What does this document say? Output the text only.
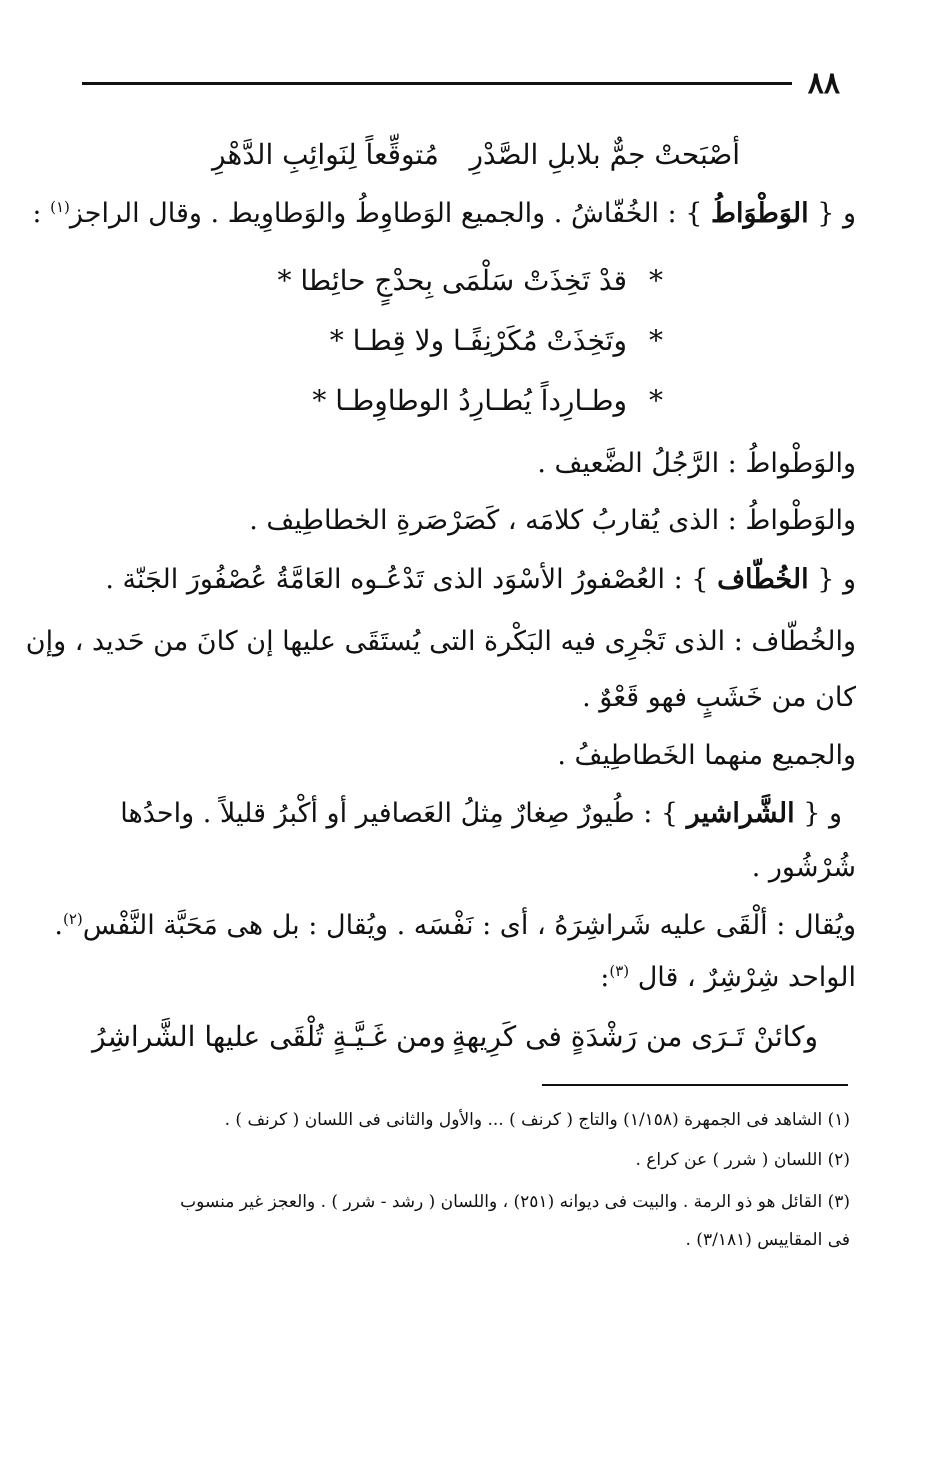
٨٨
أصْبَحتْ جمٌّ بلابلِ الصَّدْرِ
مُتوقِّعاً لِنَوائِبِ الدَّهْرِ
و { الوَطْوَاطُ } : الخُفّاشُ . والجميع الوَطاوِطُ والوَطاوِيط . وقال الراجز$^{(١)}$ :
*قدْ تَخِذَتْ سَلْمَى بِحدْجٍ حائِطا *
*وتَخِذَتْ مُكَرْنِفًـا ولا قِطـا *
*وطـارِداً يُطـارِدُ الوطاوِطـا *
والوَطْواطُ : الرَّجُلُ الضَّعيف .
والوَطْواطُ : الذى يُقاربُ كلامَه ، كَصَرْصَرةِ الخطاطِيف .
و { الخُطّاف } : العُصْفورُ الأسْوَد الذى تَدْعُـوه العَامَّةُ عُصْفُورَ الجَنّة .
والخُطّاف : الذى تَجْرِى فيه البَكْرة التى يُستَقَى عليها إن كانَ من حَديد ، وإن
كان من خَشَبٍ فهو قَعْوٌ .
والجميع منهما الخَطاطِيفُ .
و { الشَّراشير } : طُيورٌ صِغارٌ مِثلُ العَصافير أو أكْبرُ قليلاً . واحدُها
شُرْشُور .
ويُقال : ألْقَى عليه شَراشِرَهُ ، أى : نَفْسَه . ويُقال : بل هى مَحَبَّة النَّفْس$^{(٢)}$.
الواحد شِرْشِرٌ ، قال $^{(٣)}$:
وكائنْ تَـرَى من رَشْدَةٍ فى كَرِيهةٍ
ومن غَـيَّـةٍ تُلْقَى عليها الشَّراشِرُ
(١) الشاهد فى الجمهرة (١/١٥٨) والتاج ( كرنف ) ... والأول والثانى فى اللسان ( كرنف ) .
(٢) اللسان ( شرر ) عن كراع .
(٣) القائل هو ذو الرمة . والبيت فى ديوانه (٢٥١) ، واللسان ( رشد - شرر ) . والعجز غير منسوب
فى المقاييس (٣/١٨١) .
